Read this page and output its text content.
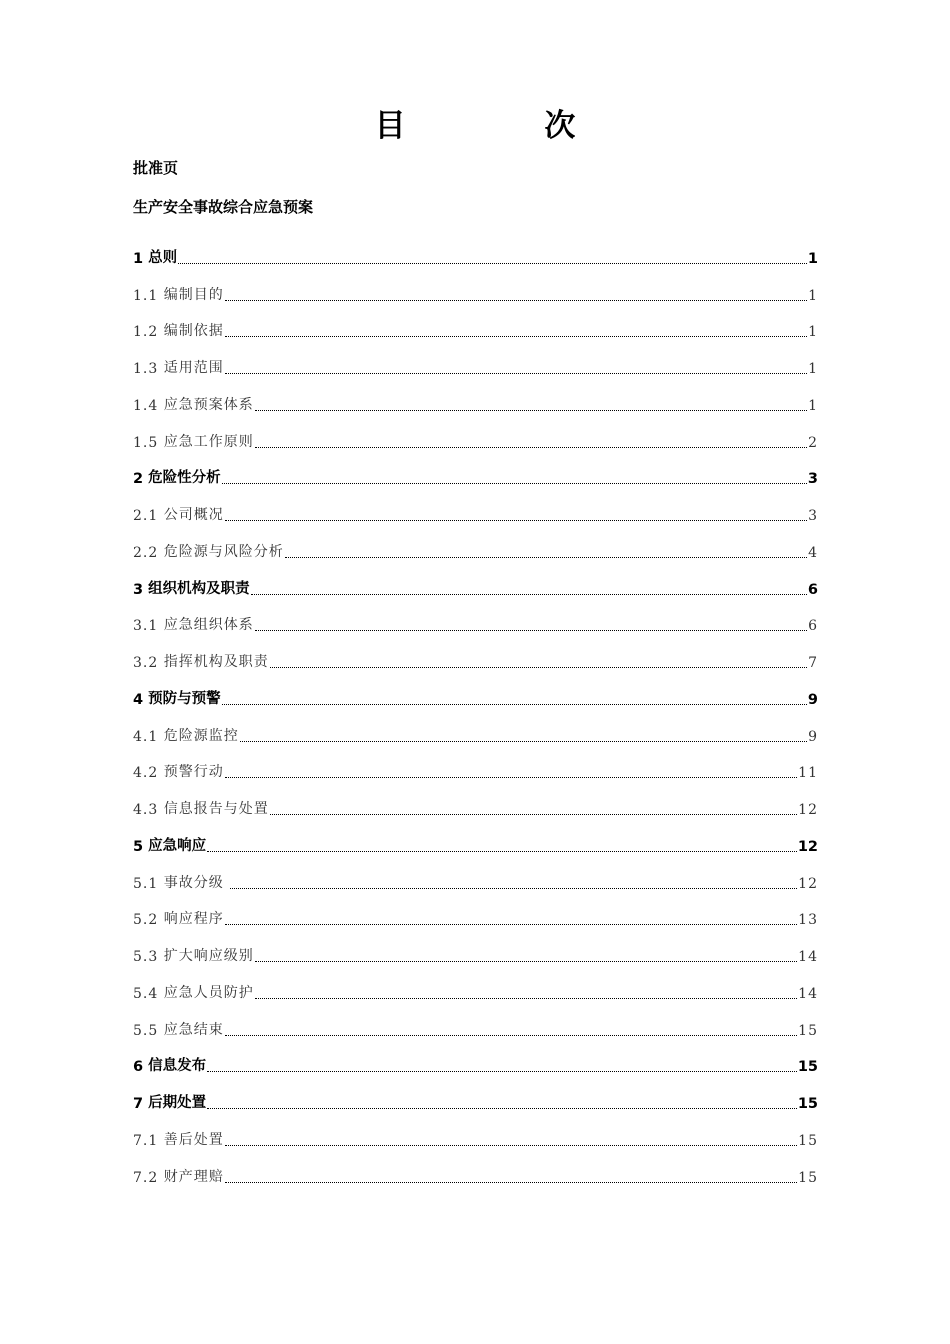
目 次
批准页
生产安全事故综合应急预案
1 总则	1
1.1 编制目的	1
1.2 编制依据	1
1.3 适用范围	1
1.4 应急预案体系	1
1.5 应急工作原则	2
2 危险性分析	3
2.1 公司概况	3
2.2 危险源与风险分析	4
3 组织机构及职责	6
3.1 应急组织体系	6
3.2 指挥机构及职责	7
4 预防与预警	9
4.1 危险源监控	9
4.2 预警行动	11
4.3 信息报告与处置	12
5 应急响应	12
5.1 事故分级	12
5.2 响应程序	13
5.3 扩大响应级别	14
5.4 应急人员防护	14
5.5 应急结束	15
6 信息发布	15
7 后期处置	15
7.1 善后处置	15
7.2 财产理赔	15
